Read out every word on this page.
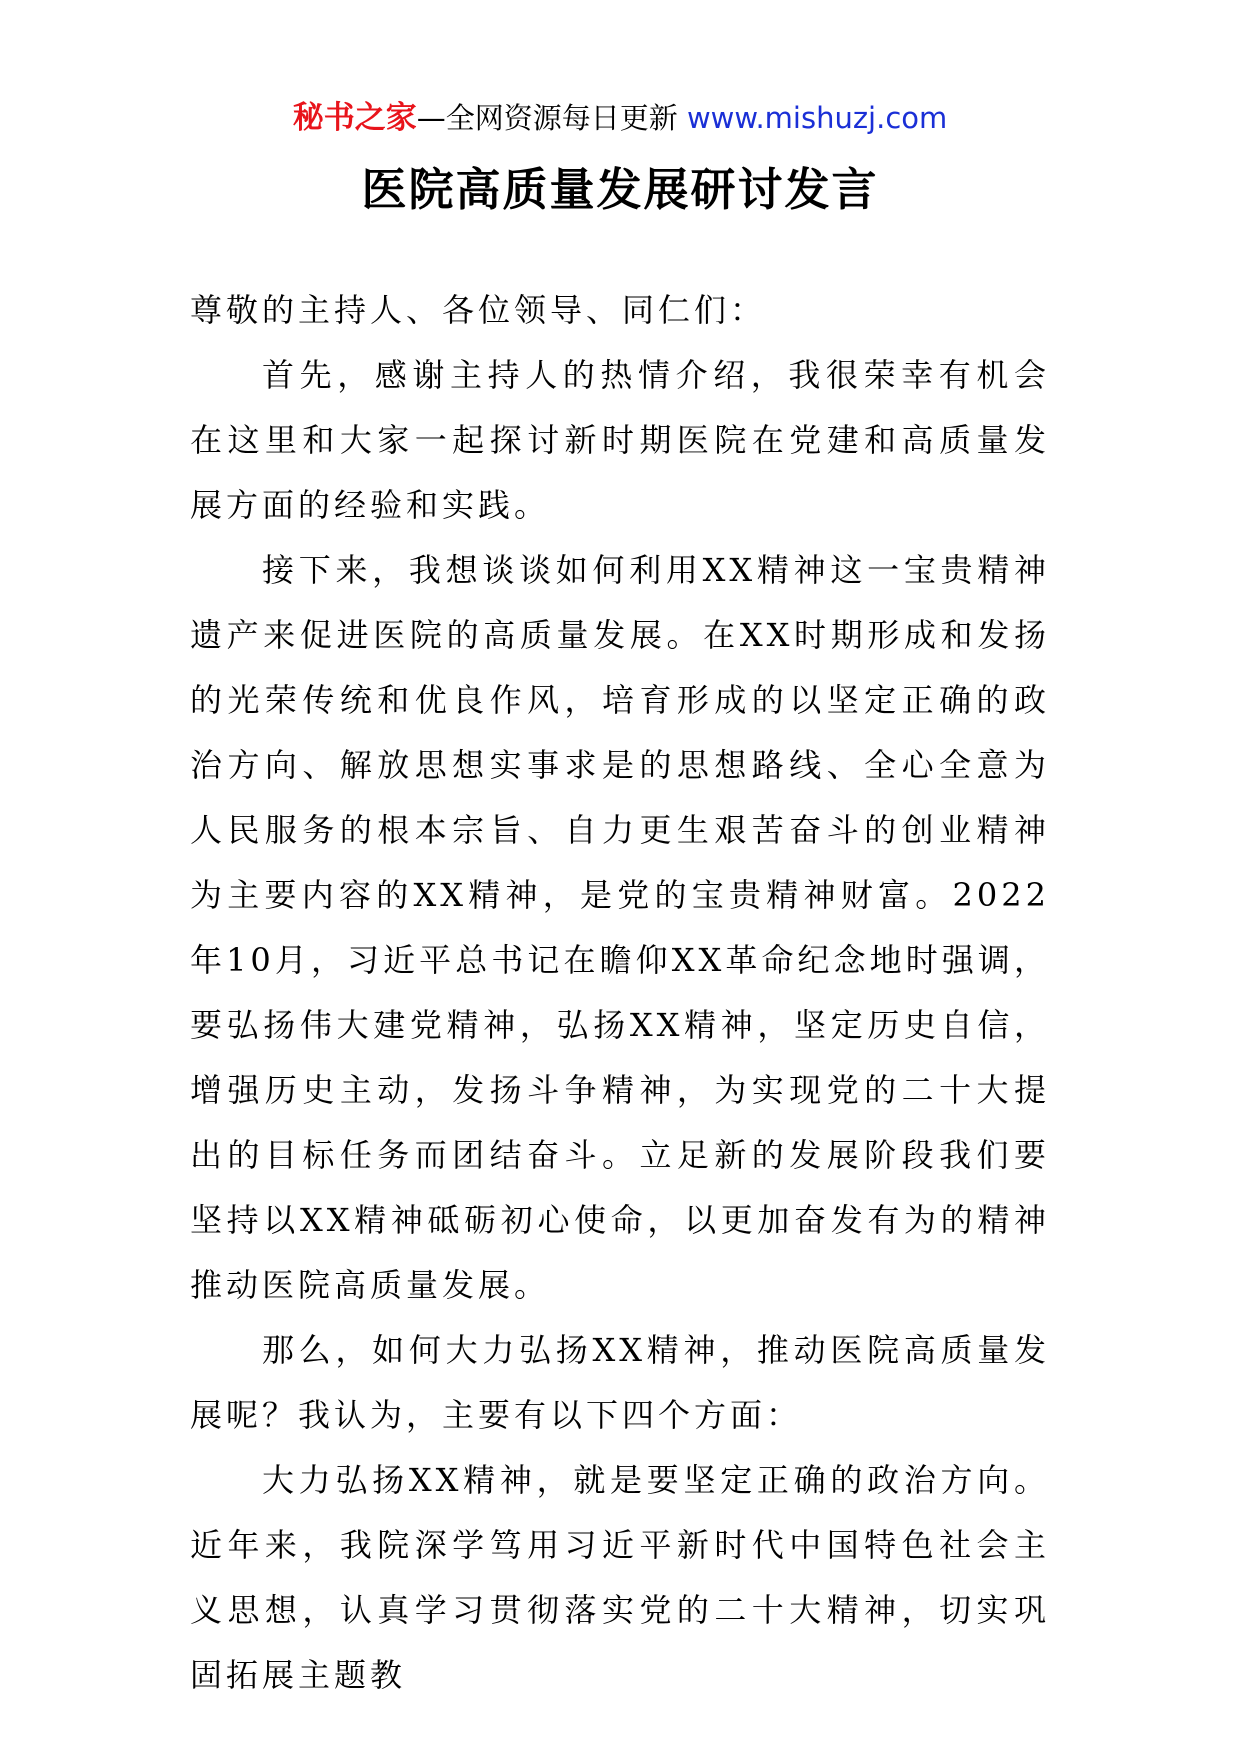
秘书之家—全网资源每日更新 www.mishuzj.com
医院高质量发展研讨发言

尊敬的主持人、各位领导、同仁们：

首先，感谢主持人的热情介绍，我很荣幸有机会在这里和大家一起探讨新时期医院在党建和高质量发展方面的经验和实践。

接下来，我想谈谈如何利用XX精神这一宝贵精神遗产来促进医院的高质量发展。在XX时期形成和发扬的光荣传统和优良作风，培育形成的以坚定正确的政治方向、解放思想实事求是的思想路线、全心全意为人民服务的根本宗旨、自力更生艰苦奋斗的创业精神为主要内容的XX精神，是党的宝贵精神财富。2022年10月，习近平总书记在瞻仰XX革命纪念地时强调，要弘扬伟大建党精神，弘扬XX精神，坚定历史自信，增强历史主动，发扬斗争精神，为实现党的二十大提出的目标任务而团结奋斗。立足新的发展阶段我们要坚持以XX精神砥砺初心使命，以更加奋发有为的精神推动医院高质量发展。

那么，如何大力弘扬XX精神，推动医院高质量发展呢？我认为，主要有以下四个方面：

大力弘扬XX精神，就是要坚定正确的政治方向。近年来，我院深学笃用习近平新时代中国特色社会主义思想，认真学习贯彻落实党的二十大精神，切实巩固拓展主题教
